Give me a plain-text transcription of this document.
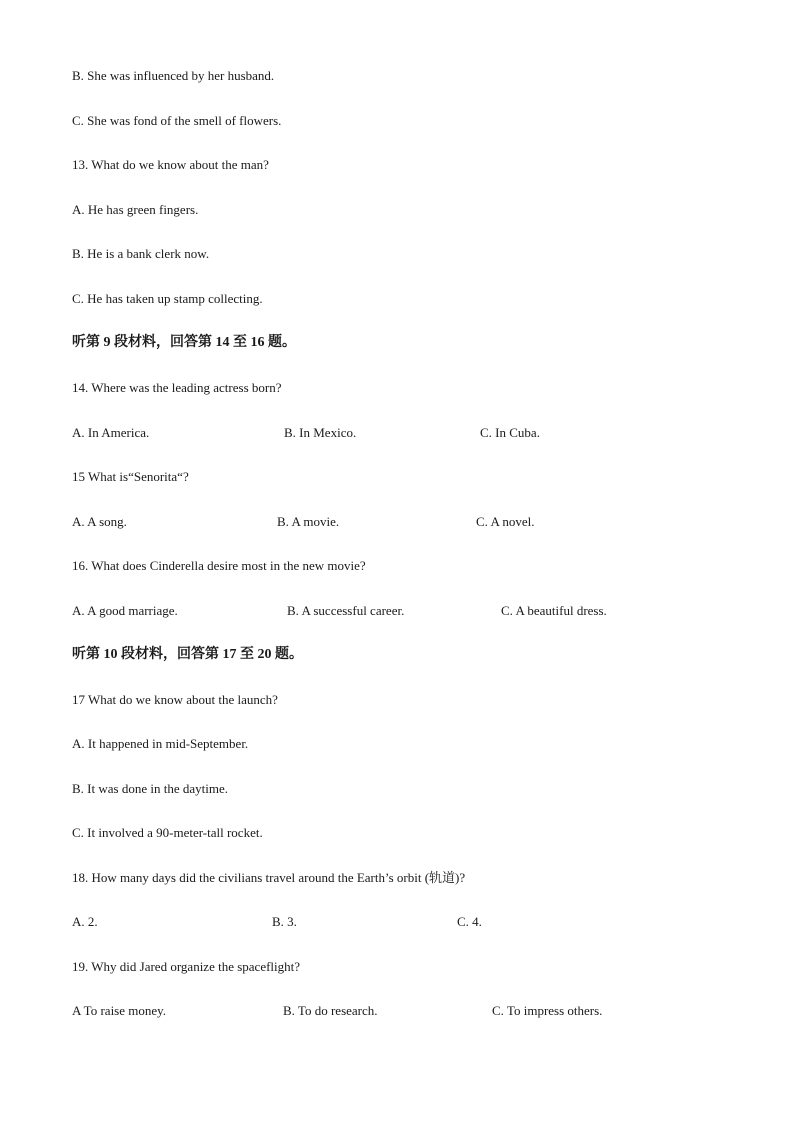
B. She was influenced by her husband.
C. She was fond of the smell of flowers.
13. What do we know about the man?
A. He has green fingers.
B. He is a bank clerk now.
C. He has taken up stamp collecting.
听第 9 段材料，回答第 14 至 16 题。
14. Where was the leading actress born?
A. In America.	B. In Mexico.	C. In Cuba.
15 What is“Senorita“?
A. A song.	B. A movie.	C. A novel.
16. What does Cinderella desire most in the new movie?
A. A good marriage.	B. A successful career.	C. A beautiful dress.
听第 10 段材料，回答第 17 至 20 题。
17 What do we know about the launch?
A. It happened in mid-September.
B. It was done in the daytime.
C. It involved a 90-meter-tall rocket.
18. How many days did the civilians travel around the Earth’s orbit (轨道)?
A. 2.	B. 3.	C. 4.
19. Why did Jared organize the spaceflight?
A To raise money.	B. To do research.	C. To impress others.
